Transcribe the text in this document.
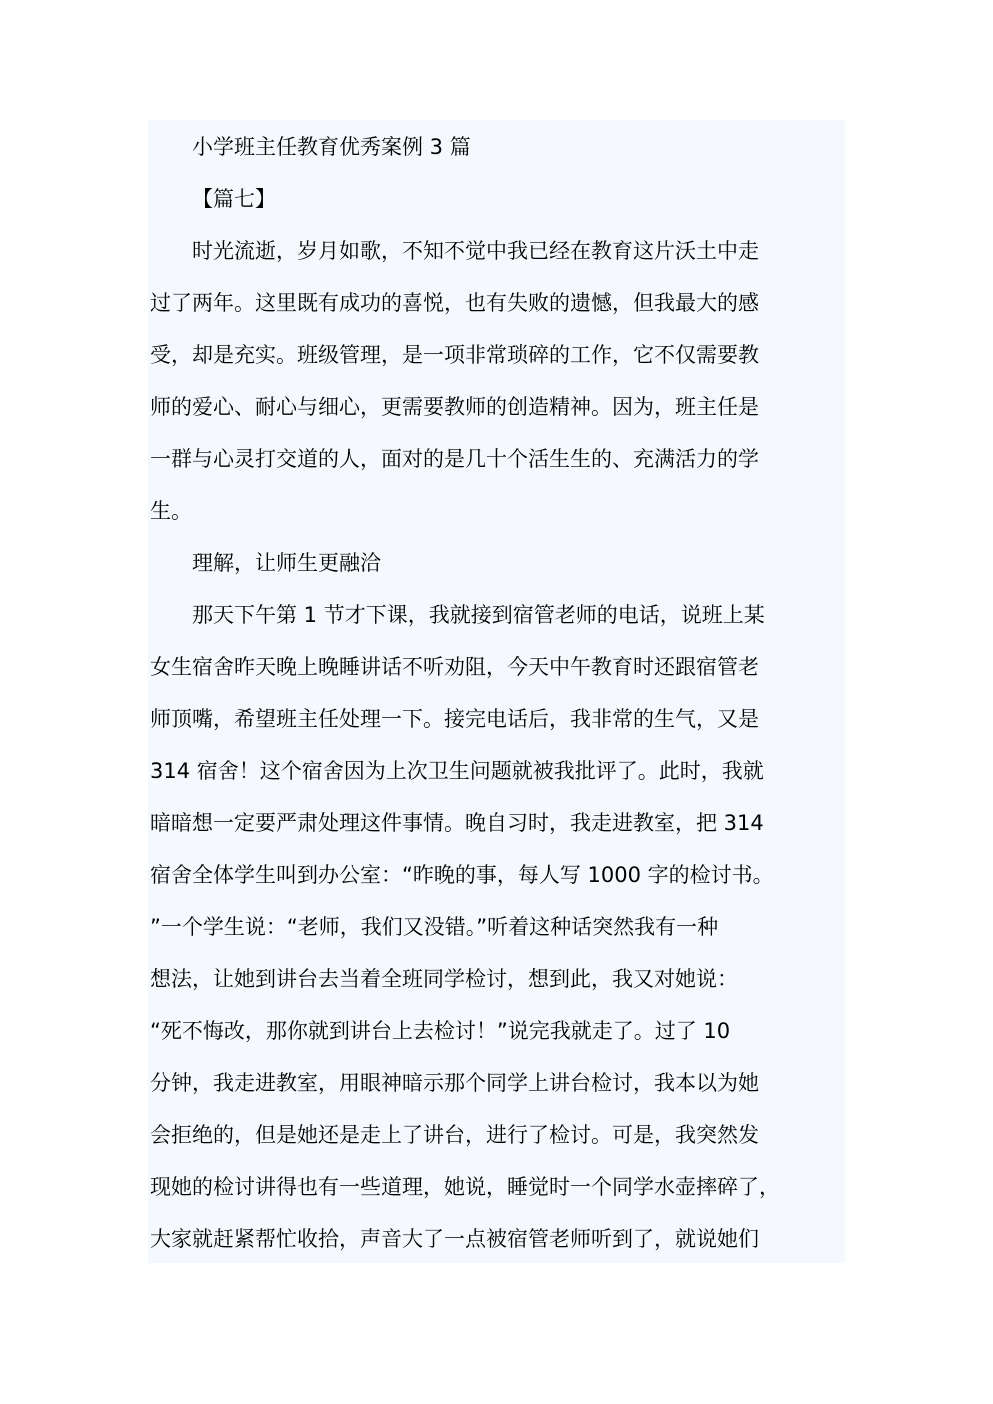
小学班主任教育优秀案例 3 篇
【篇七】
时光流逝，岁月如歌，不知不觉中我已经在教育这片沃土中走
过了两年。这里既有成功的喜悦，也有失败的遗憾，但我最大的感
受，却是充实。班级管理，是一项非常琐碎的工作，它不仅需要教
师的爱心、耐心与细心，更需要教师的创造精神。因为，班主任是
一群与心灵打交道的人，面对的是几十个活生生的、充满活力的学
生。
理解，让师生更融洽
那天下午第 1 节才下课，我就接到宿管老师的电话，说班上某
女生宿舍昨天晚上晚睡讲话不听劝阻，今天中午教育时还跟宿管老
师顶嘴，希望班主任处理一下。接完电话后，我非常的生气，又是
314 宿舍！这个宿舍因为上次卫生问题就被我批评了。此时，我就
暗暗想一定要严肃处理这件事情。晚自习时，我走进教室，把 314
宿舍全体学生叫到办公室：“昨晚的事，每人写 1000 字的检讨书。
”一个学生说：“老师，我们又没错。”听着这种话突然我有一种
想法，让她到讲台去当着全班同学检讨，想到此，我又对她说：
“死不悔改，那你就到讲台上去检讨！”说完我就走了。过了 10
分钟，我走进教室，用眼神暗示那个同学上讲台检讨，我本以为她
会拒绝的，但是她还是走上了讲台，进行了检讨。可是，我突然发
现她的检讨讲得也有一些道理，她说，睡觉时一个同学水壶摔碎了，
大家就赶紧帮忙收拾，声音大了一点被宿管老师听到了，就说她们
